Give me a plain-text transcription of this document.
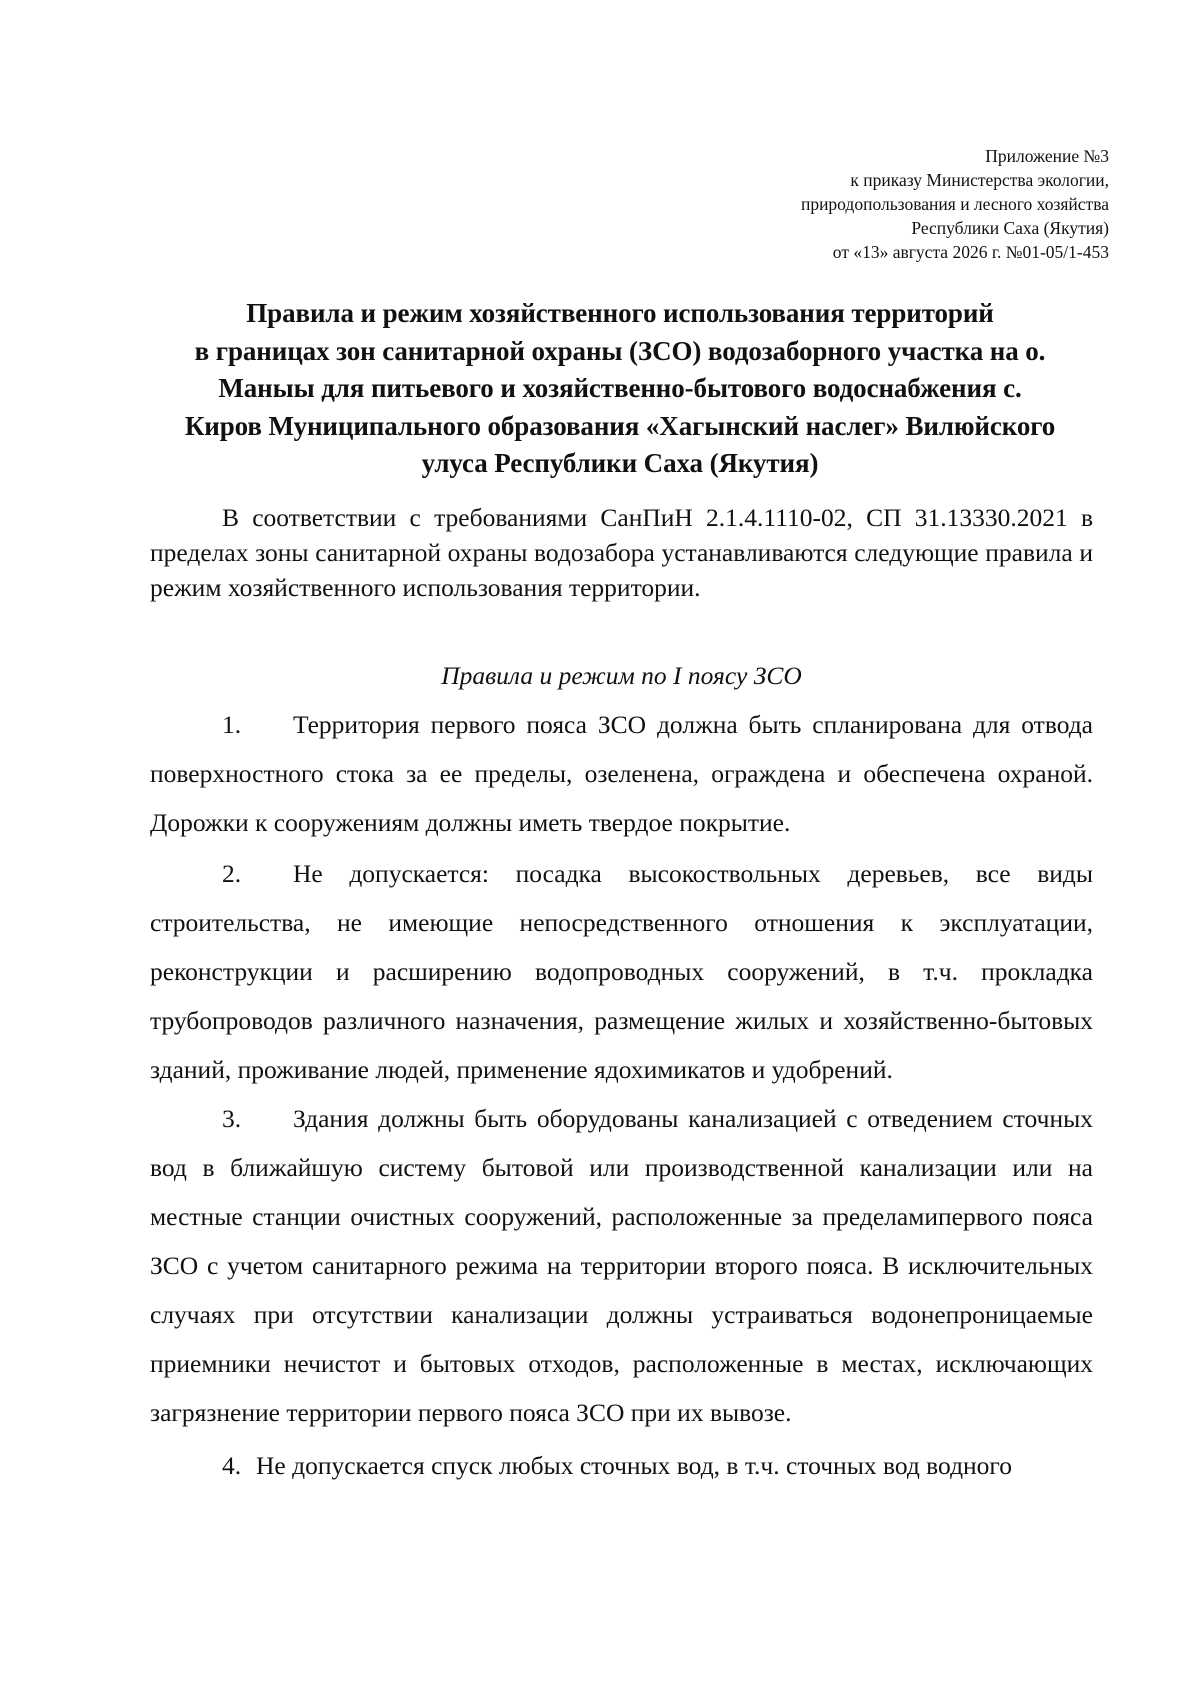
Приложение №3
к приказу Министерства экологии,
природопользования и лесного хозяйства
Республики Саха (Якутия)
от «13» августа 2026 г. №01-05/1-453
Правила и режим хозяйственного использования территорий
в границах зон санитарной охраны (ЗСО) водозаборного участка на о.
Маныы для питьевого и хозяйственно-бытового водоснабжения с.
Киров Муниципального образования «Хагынский наслег» Вилюйского
улуса Республики Саха (Якутия)
В соответствии с требованиями СанПиН 2.1.4.1110-02, СП 31.13330.2021 в пределах зоны санитарной охраны водозабора устанавливаются следующие правила и режим хозяйственного использования территории.
Правила и режим по I поясу ЗСО

1. Территория первого пояса ЗСО должна быть спланирована для отвода поверхностного стока за ее пределы, озеленена, ограждена и обеспечена охраной. Дорожки к сооружениям должны иметь твердое покрытие.

2. Не допускается: посадка высокоствольных деревьев, все виды строительства, не имеющие непосредственного отношения к эксплуатации, реконструкции и расширению водопроводных сооружений, в т.ч. прокладка трубопроводов различного назначения, размещение жилых и хозяйственно-бытовых зданий, проживание людей, применение ядохимикатов и удобрений.

3. Здания должны быть оборудованы канализацией с отведением сточных вод в ближайшую систему бытовой или производственной канализации или на местные станции очистных сооружений, расположенные за пределамипервого пояса ЗСО с учетом санитарного режима на территории второго пояса. В исключительных случаях при отсутствии канализации должны устраиваться водонепроницаемые приемники нечистот и бытовых отходов, расположенные в местах, исключающих загрязнение территории первого пояса ЗСО при их вывозе.

4. Не допускается спуск любых сточных вод, в т.ч. сточных вод водного
